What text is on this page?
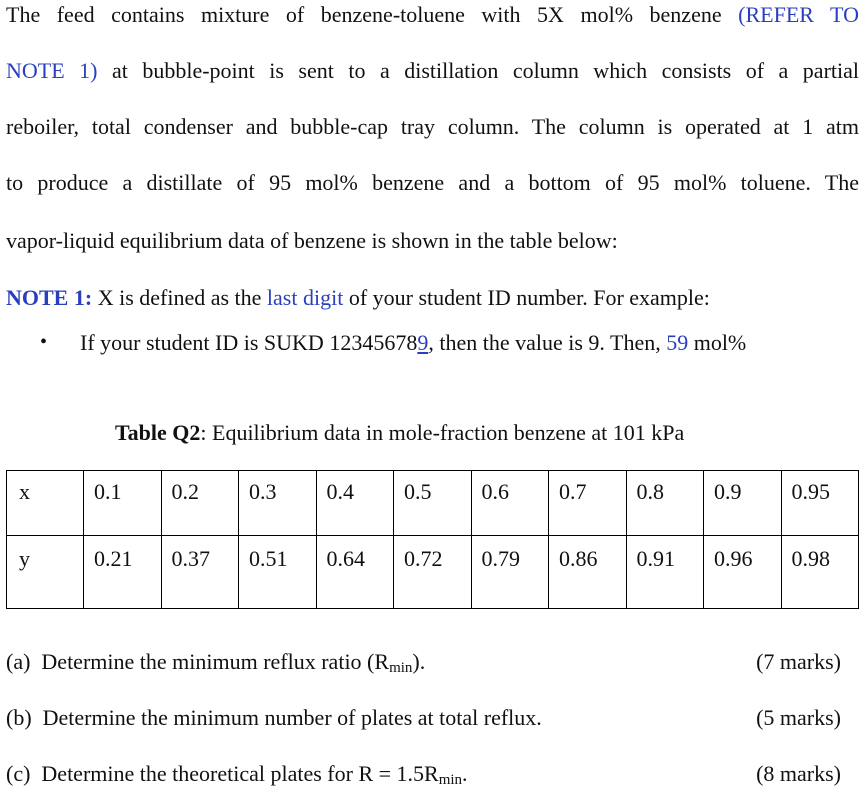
The feed contains mixture of benzene-toluene with 5X mol% benzene (REFER TO
NOTE 1) at bubble-point is sent to a distillation column which consists of a partial
reboiler, total condenser and bubble-cap tray column. The column is operated at 1 atm
to produce a distillate of 95 mol% benzene and a bottom of 95 mol% toluene. The
vapor-liquid equilibrium data of benzene is shown in the table below:
NOTE 1: X is defined as the last digit of your student ID number. For example:
• If your student ID is SUKD 123456789, then the value is 9. Then, 59 mol%
Table Q2: Equilibrium data in mole-fraction benzene at 101 kPa
x	0.1	0.2	0.3	0.4	0.5	0.6	0.7	0.8	0.9	0.95
y	0.21	0.37	0.51	0.64	0.72	0.79	0.86	0.91	0.96	0.98
(a) Determine the minimum reflux ratio $(R_{min})$.	(7 marks)
(b) Determine the minimum number of plates at total reflux.	(5 marks)
(c) Determine the theoretical plates for $R = 1.5R_{min}$.	(8 marks)
